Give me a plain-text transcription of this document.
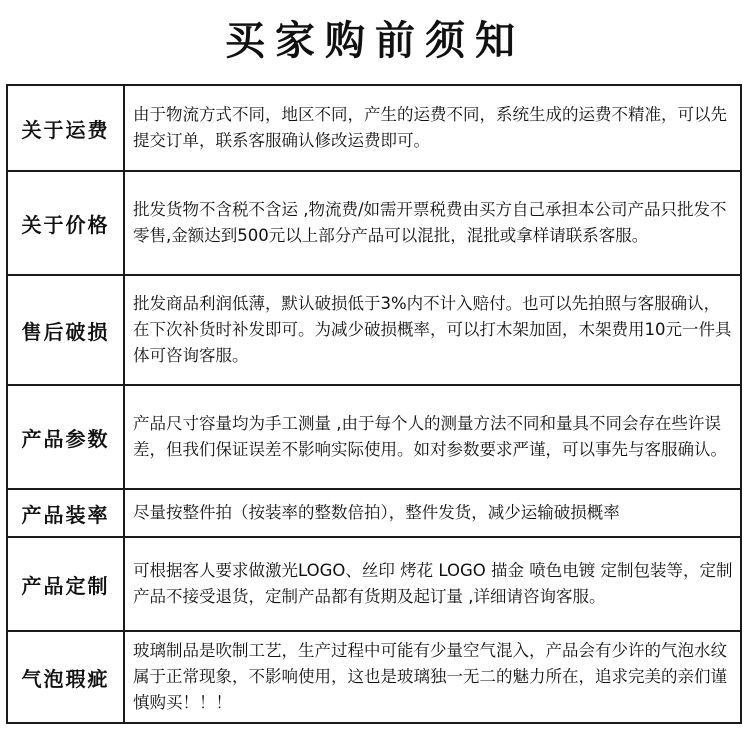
买家购前须知
关于运费	由于物流方式不同，地区不同，产生的运费不同，系统生成的运费不精准，可以先提交订单，联系客服确认修改运费即可。
关于价格	批发货物不含税不含运 ,物流费/如需开票税费由买方自己承担本公司产品只批发不零售,金额达到500元以上部分产品可以混批，混批或拿样请联系客服。
售后破损	批发商品利润低薄，默认破损低于3%内不计入赔付。也可以先拍照与客服确认，在下次补货时补发即可。为减少破损概率，可以打木架加固，木架费用10元一件具体可咨询客服。
产品参数	产品尺寸容量均为手工测量 ,由于每个人的测量方法不同和量具不同会存在些许误差，但我们保证误差不影响实际使用。如对参数要求严谨，可以事先与客服确认。
产品装率	尽量按整件拍（按装率的整数倍拍），整件发货，减少运输破损概率
产品定制	可根据客人要求做激光LOGO、丝印 烤花 LOGO 描金 喷色电镀 定制包装等，定制产品不接受退货，定制产品都有货期及起订量 ,详细请咨询客服。
气泡瑕疵	玻璃制品是吹制工艺，生产过程中可能有少量空气混入，产品会有少许的气泡水纹属于正常现象，不影响使用，这也是玻璃独一无二的魅力所在，追求完美的亲们谨 慎购买！！！
